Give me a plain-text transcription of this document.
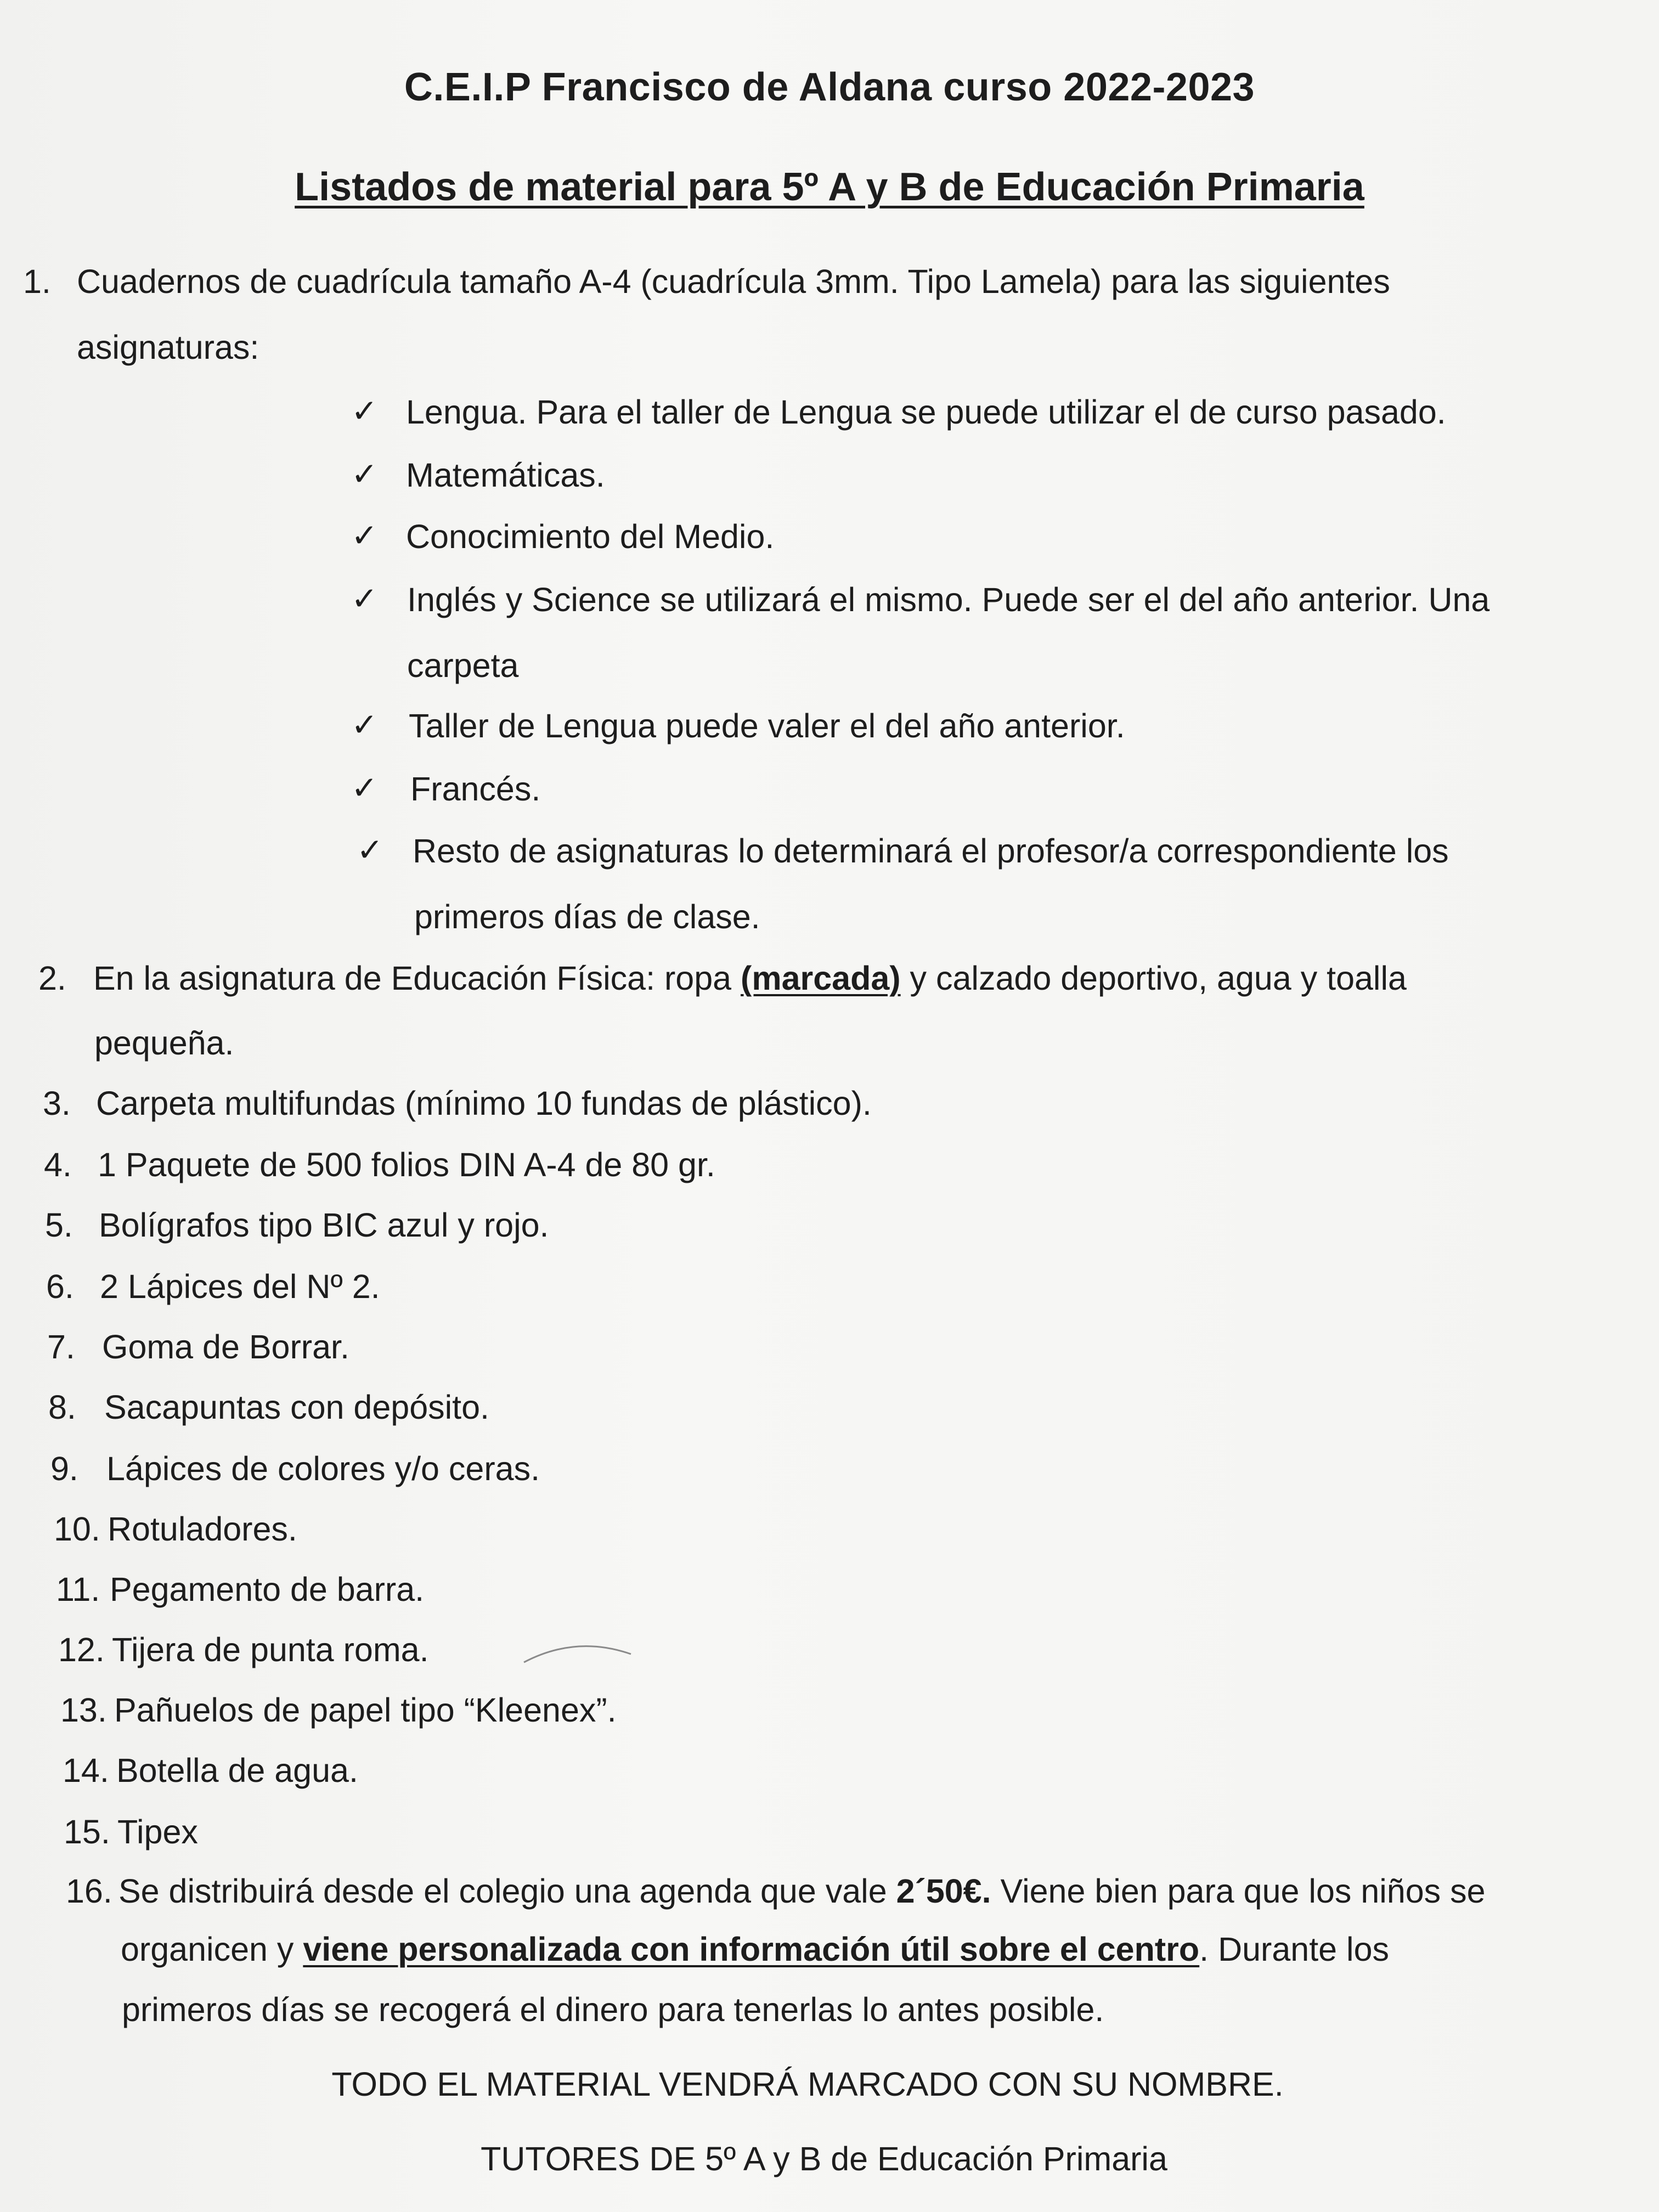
C.E.I.P Francisco de Aldana curso 2022-2023
Listados de material para 5º A y B de Educación Primaria
1. Cuadernos de cuadrícula tamaño A-4 (cuadrícula 3mm. Tipo Lamela) para las siguientes
asignaturas:
✓ Lengua. Para el taller de Lengua se puede utilizar el de curso pasado.
✓ Matemáticas.
✓ Conocimiento del Medio.
✓ Inglés y Science se utilizará el mismo. Puede ser el del año anterior. Una
carpeta
✓ Taller de Lengua puede valer el del año anterior.
✓ Francés.
✓ Resto de asignaturas lo determinará el profesor/a correspondiente los
primeros días de clase.
2. En la asignatura de Educación Física: ropa (marcada) y calzado deportivo, agua y toalla
pequeña.
3. Carpeta multifundas (mínimo 10 fundas de plástico).
4. 1 Paquete de 500 folios DIN A-4 de 80 gr.
5. Bolígrafos tipo BIC azul y rojo.
6. 2 Lápices del Nº 2.
7. Goma de Borrar.
8. Sacapuntas con depósito.
9. Lápices de colores y/o ceras.
10. Rotuladores.
11. Pegamento de barra.
12. Tijera de punta roma.
13. Pañuelos de papel tipo “Kleenex”.
14. Botella de agua.
15. Tipex
16. Se distribuirá desde el colegio una agenda que vale 2´50€. Viene bien para que los niños se
organicen y viene personalizada con información útil sobre el centro. Durante los
primeros días se recogerá el dinero para tenerlas lo antes posible.
TODO EL MATERIAL VENDRÁ MARCADO CON SU NOMBRE.
TUTORES DE 5º A y B de Educación Primaria
